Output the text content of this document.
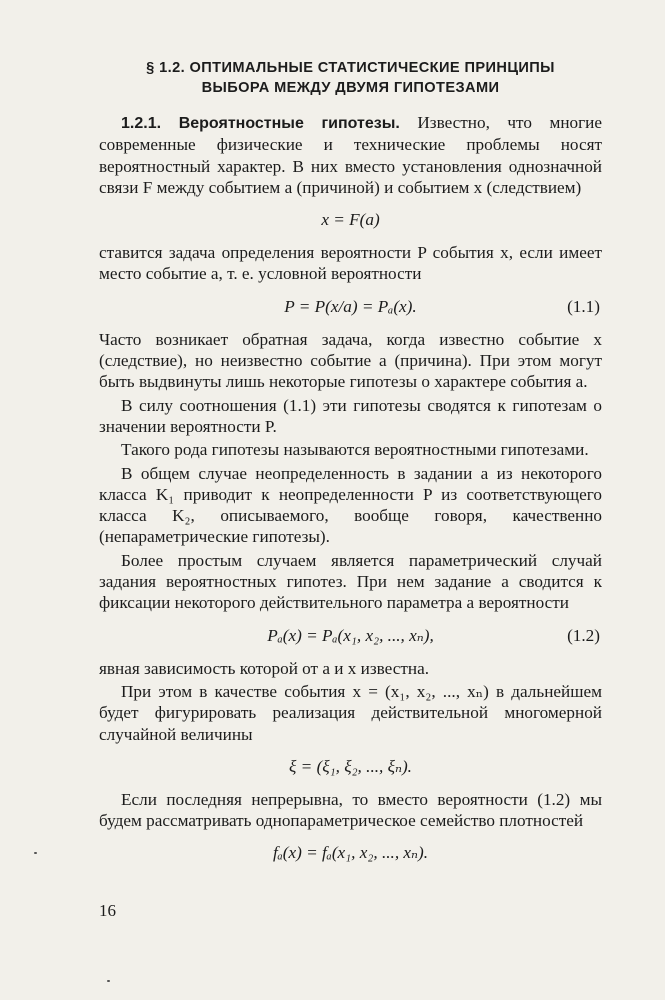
§ 1.2. ОПТИМАЛЬНЫЕ СТАТИСТИЧЕСКИЕ ПРИНЦИПЫ
ВЫБОРА МЕЖДУ ДВУМЯ ГИПОТЕЗАМИ

1.2.1. Вероятностные гипотезы. Известно, что многие современные физические и технические проблемы носят вероятностный характер. В них вместо установления однозначной связи F между событием a (причиной) и событием x (следствием)

x = F(a)

ставится задача определения вероятности P события x, если имеет место событие a, т. е. условной вероятности

P = P(x/a) = Pₐ(x).	(1.1)

Часто возникает обратная задача, когда известно событие x (следствие), но неизвестно событие a (причина). При этом могут быть выдвинуты лишь некоторые гипотезы о характере события a.

В силу соотношения (1.1) эти гипотезы сводятся к гипотезам о значении вероятности P.

Такого рода гипотезы называются вероятностными гипотезами.

В общем случае неопределенность в задании a из некоторого класса K₁ приводит к неопределенности P из соответствующего класса K₂, описываемого, вообще говоря, качественно (непараметрические гипотезы).

Более простым случаем является параметрический случай задания вероятностных гипотез. При нем задание a сводится к фиксации некоторого действительного параметра a вероятности

Pₐ(x) = Pₐ(x₁, x₂, ..., xₙ),	(1.2)

явная зависимость которой от a и x известна.

При этом в качестве события x = (x₁, x₂, ..., xₙ) в дальнейшем будет фигурировать реализация действительной многомерной случайной величины

ξ = (ξ₁, ξ₂, ..., ξₙ).

Если последняя непрерывна, то вместо вероятности (1.2) мы будем рассматривать однопараметрическое семейство плотностей

fₐ(x) = fₐ(x₁, x₂, ..., xₙ).
16
